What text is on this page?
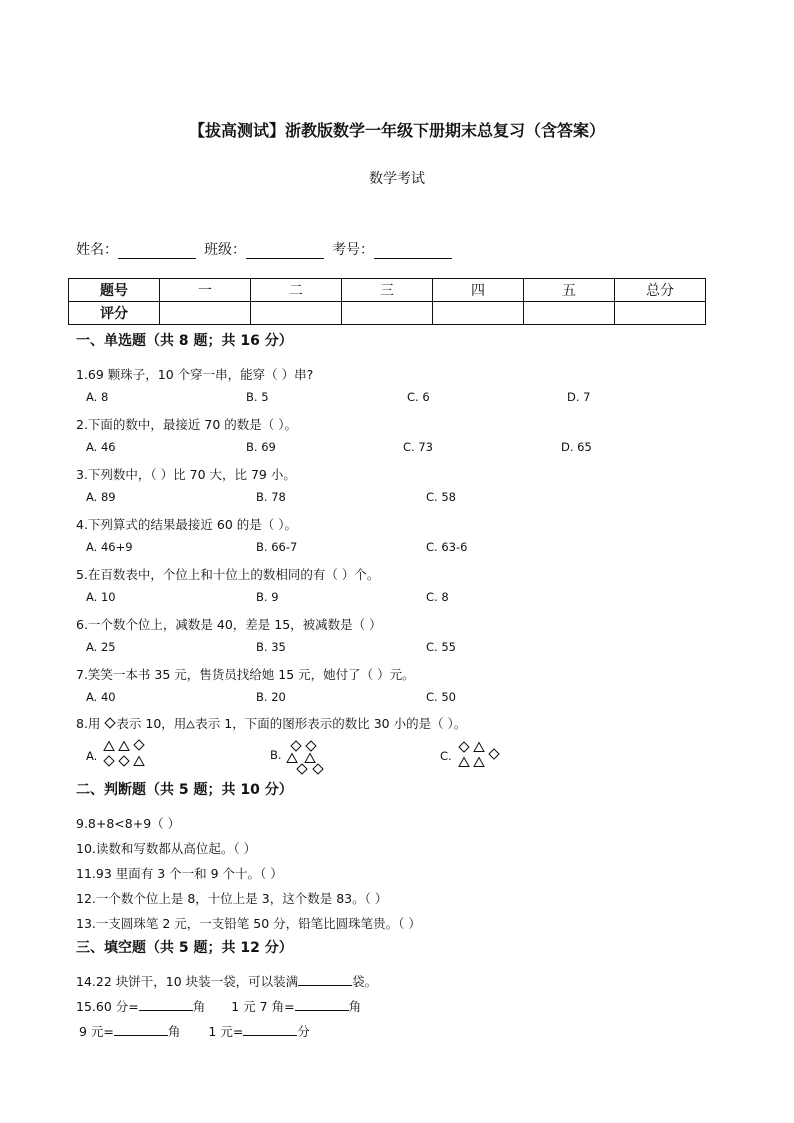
【拔高测试】浙教版数学一年级下册期末总复习（含答案）
数学考试
姓名：	班级：	考号：
题号	一	二	三	四	五	总分
评分						
一、单选题（共 8 题；共 16 分）
1.69 颗珠子，10 个穿一串，能穿（ ）串?
A. 8	B. 5	C. 6	D. 7
2.下面的数中，最接近 70 的数是（ ）。
A. 46	B. 69	C. 73	D. 65
3.下列数中，（ ）比 70 大，比 79 小。
A. 89	B. 78	C. 58
4.下列算式的结果最接近 60 的是（ ）。
A. 46+9	B. 66-7	C. 63-6
5.在百数表中，个位上和十位上的数相同的有（ ）个。
A. 10	B. 9	C. 8
6.一个数个位上，减数是 40，差是 15，被减数是（ ）
A. 25	B. 35	C. 55
7.笑笑一本书 35 元，售货员找给她 15 元，她付了（ ）元。
A. 40	B. 20	C. 50
8.用
表示 10，用 表示 1，下面的图形表示的数比 30 小的是（ ）。
A.	B.	C.
二、判断题（共 5 题；共 10 分）
9.8+8<8+9（ ）
10.读数和写数都从高位起。（ ）
11.93 里面有 3 个一和 9 个十。（ ）
12.一个数个位上是 8，十位上是 3，这个数是 83。（ ）
13.一支圆珠笔 2 元，一支铅笔 50 分，铅笔比圆珠笔贵。（ ）
三、填空题（共 5 题；共 12 分）
14.22 块饼干，10 块装一袋，可以装满	袋。
15.60 分=	角 1 元 7 角=	角
9 元=	角 1 元=	分
